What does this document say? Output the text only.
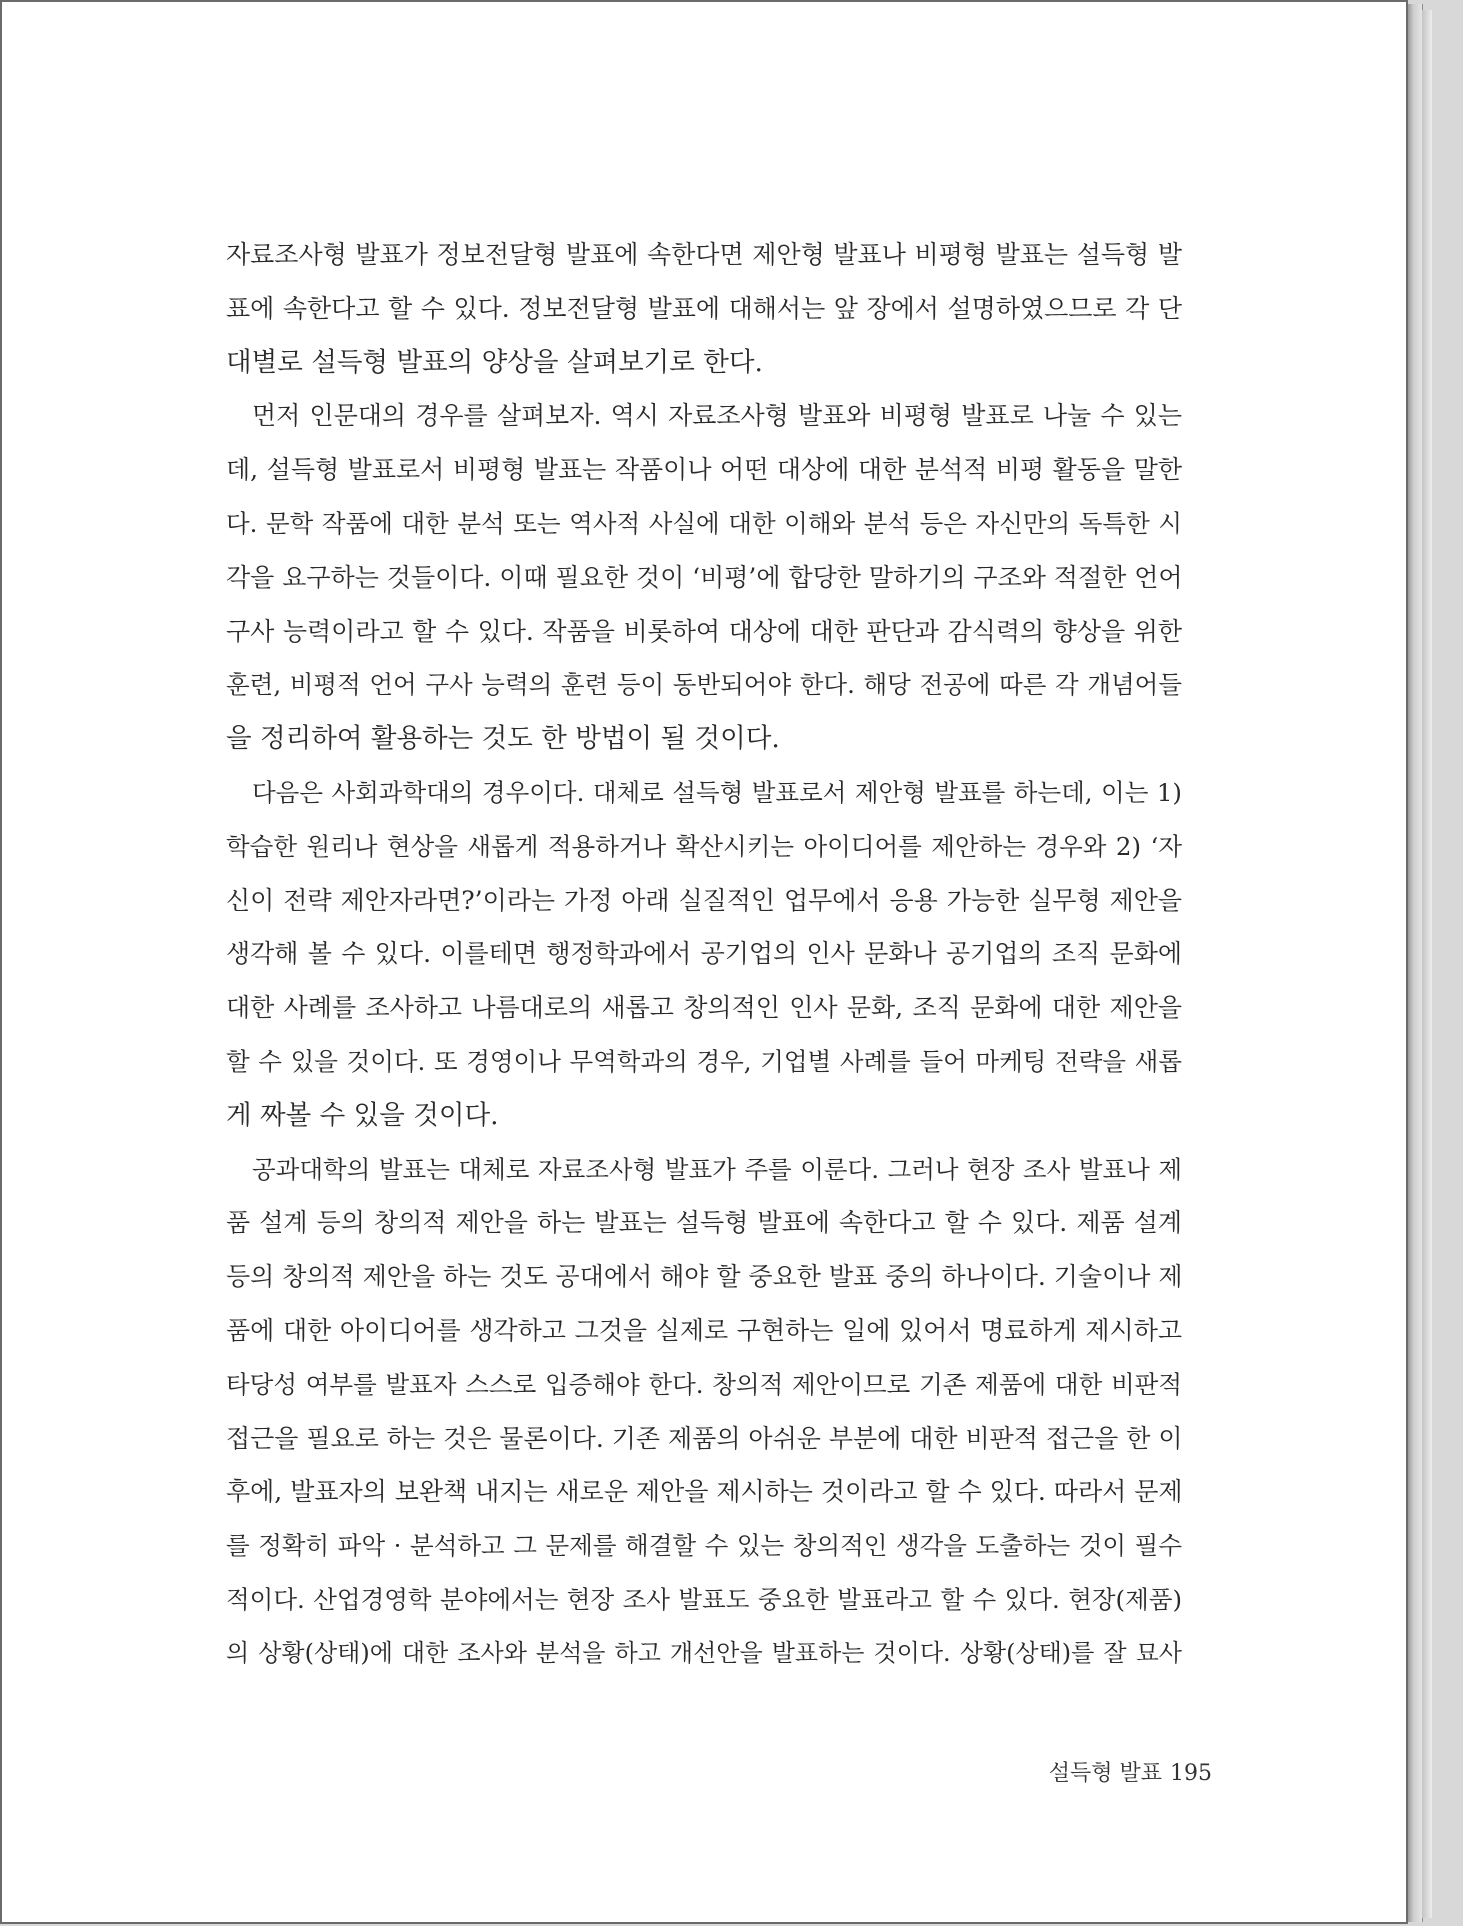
자료조사형 발표가 정보전달형 발표에 속한다면 제안형 발표나 비평형 발표는 설득형 발
표에 속한다고 할 수 있다. 정보전달형 발표에 대해서는 앞 장에서 설명하였으므로 각 단
대별로 설득형 발표의 양상을 살펴보기로 한다.
먼저 인문대의 경우를 살펴보자. 역시 자료조사형 발표와 비평형 발표로 나눌 수 있는
데, 설득형 발표로서 비평형 발표는 작품이나 어떤 대상에 대한 분석적 비평 활동을 말한
다. 문학 작품에 대한 분석 또는 역사적 사실에 대한 이해와 분석 등은 자신만의 독특한 시
각을 요구하는 것들이다. 이때 필요한 것이 ‘비평’에 합당한 말하기의 구조와 적절한 언어
구사 능력이라고 할 수 있다. 작품을 비롯하여 대상에 대한 판단과 감식력의 향상을 위한
훈련, 비평적 언어 구사 능력의 훈련 등이 동반되어야 한다. 해당 전공에 따른 각 개념어들
을 정리하여 활용하는 것도 한 방법이 될 것이다.
다음은 사회과학대의 경우이다. 대체로 설득형 발표로서 제안형 발표를 하는데, 이는 1)
학습한 원리나 현상을 새롭게 적용하거나 확산시키는 아이디어를 제안하는 경우와 2) ‘자
신이 전략 제안자라면?’이라는 가정 아래 실질적인 업무에서 응용 가능한 실무형 제안을
생각해 볼 수 있다. 이를테면 행정학과에서 공기업의 인사 문화나 공기업의 조직 문화에
대한 사례를 조사하고 나름대로의 새롭고 창의적인 인사 문화, 조직 문화에 대한 제안을
할 수 있을 것이다. 또 경영이나 무역학과의 경우, 기업별 사례를 들어 마케팅 전략을 새롭
게 짜볼 수 있을 것이다.
공과대학의 발표는 대체로 자료조사형 발표가 주를 이룬다. 그러나 현장 조사 발표나 제
품 설계 등의 창의적 제안을 하는 발표는 설득형 발표에 속한다고 할 수 있다. 제품 설계
등의 창의적 제안을 하는 것도 공대에서 해야 할 중요한 발표 중의 하나이다. 기술이나 제
품에 대한 아이디어를 생각하고 그것을 실제로 구현하는 일에 있어서 명료하게 제시하고
타당성 여부를 발표자 스스로 입증해야 한다. 창의적 제안이므로 기존 제품에 대한 비판적
접근을 필요로 하는 것은 물론이다. 기존 제품의 아쉬운 부분에 대한 비판적 접근을 한 이
후에, 발표자의 보완책 내지는 새로운 제안을 제시하는 것이라고 할 수 있다. 따라서 문제
를 정확히 파악 · 분석하고 그 문제를 해결할 수 있는 창의적인 생각을 도출하는 것이 필수
적이다. 산업경영학 분야에서는 현장 조사 발표도 중요한 발표라고 할 수 있다. 현장(제품)
의 상황(상태)에 대한 조사와 분석을 하고 개선안을 발표하는 것이다. 상황(상태)를 잘 묘사
설득형 발표 195
